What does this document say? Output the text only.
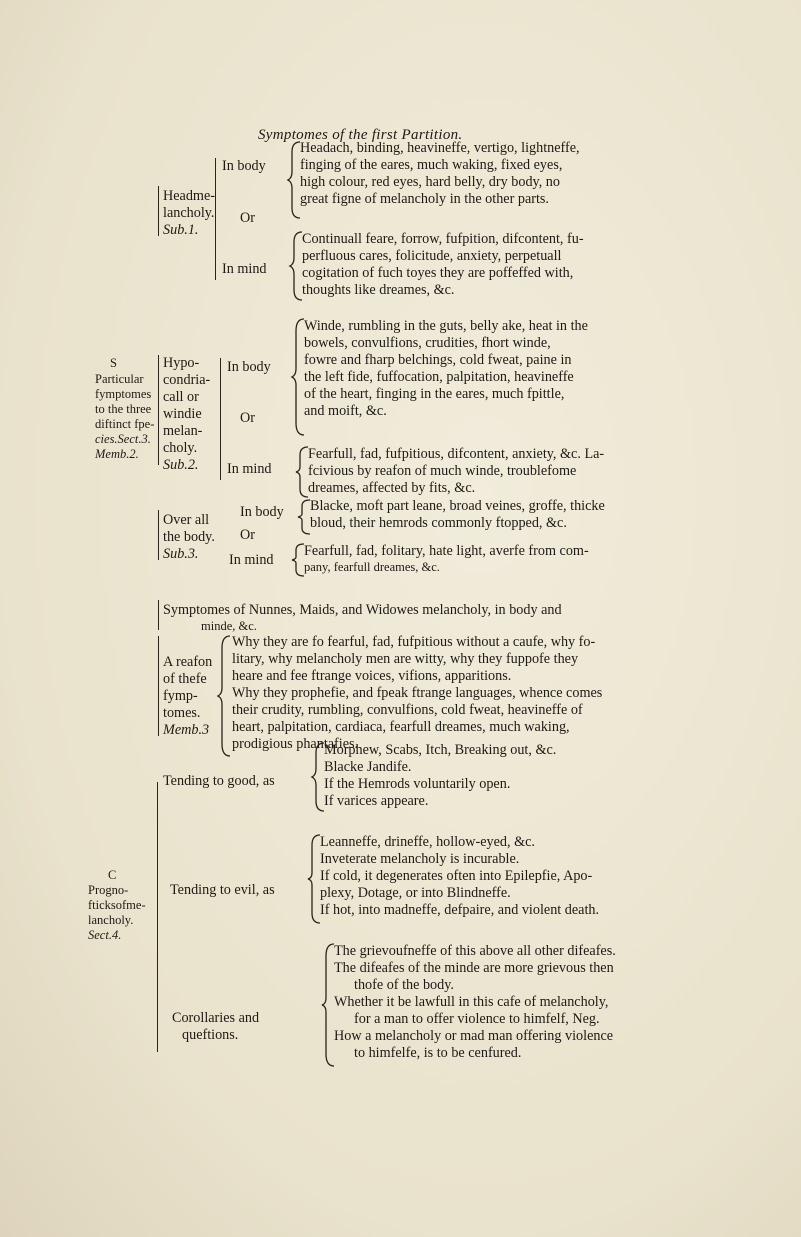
Symptomes of the first Partition.
Headme-
lancholy.
Sub.1.
In body
Or
In mind
Headach, binding, heavineffe, vertigo, lightneffe,
finging of the eares, much waking, fixed eyes,
high colour, red eyes, hard belly, dry body, no
great figne of melancholy in the other parts.
Continuall feare, forrow, fufpition, difcontent, fu-
perfluous cares, folicitude, anxiety, perpetuall
cogitation of fuch toyes they are poffeffed with,
thoughts like dreames, &c.
S
Particular
fymptomes
to the three
diftinct fpe-
cies.Sect.3.
Memb.2.
Hypo-
condria-
call or
windie
melan-
choly.
Sub.2.
In body
Or
In mind
Winde, rumbling in the guts, belly ake, heat in the
bowels, convulfions, crudities, fhort winde,
fowre and fharp belchings, cold fweat, paine in
the left fide, fuffocation, palpitation, heavineffe
of the heart, finging in the eares, much fpittle,
and moift, &c.
Fearfull, fad, fufpitious, difcontent, anxiety, &c. La-
fcivious by reafon of much winde, troublefome
dreames, affected by fits, &c.
Over all
the body.
Sub.3.
In body
Or
In mind
Blacke, moft part leane, broad veines, groffe, thicke
bloud, their hemrods commonly ftopped, &c.
Fearfull, fad, folitary, hate light, averfe from com-
pany, fearfull dreames, &c.
Symptomes of Nunnes, Maids, and Widowes melancholy, in body and
minde, &c.
A reafon
of thefe
fymp-
tomes.
Memb.3
Why they are fo fearful, fad, fufpitious without a caufe, why fo-
litary, why melancholy men are witty, why they fuppofe they
heare and fee ftrange voices, vifions, apparitions.
Why they prophefie, and fpeak ftrange languages, whence comes
their crudity, rumbling, convulfions, cold fweat, heavineffe of
heart, palpitation, cardiaca, fearfull dreames, much waking,
prodigious phantafies.
C
Progno-
fticksofme-
lancholy.
Sect.4.
Tending to good, as
Morphew, Scabs, Itch, Breaking out, &c.
Blacke Jandife.
If the Hemrods voluntarily open.
If varices appeare.
Tending to evil, as
Leanneffe, drineffe, hollow-eyed, &c.
Inveterate melancholy is incurable.
If cold, it degenerates often into Epilepfie, Apo-
plexy, Dotage, or into Blindneffe.
If hot, into madneffe, defpaire, and violent death.
Corollaries and
queftions.
The grievoufneffe of this above all other difeafes.
The difeafes of the minde are more grievous then
thofe of the body.
Whether it be lawfull in this cafe of melancholy,
for a man to offer violence to himfelf, Neg.
How a melancholy or mad man offering violence
to himfelfe, is to be cenfured.
